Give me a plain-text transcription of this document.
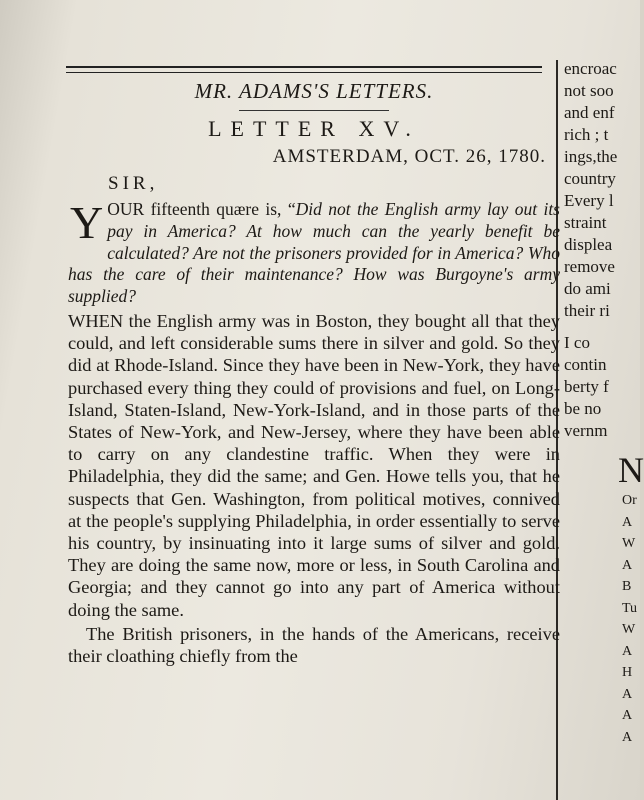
MR. ADAMS'S LETTERS.
LETTER XV.
AMSTERDAM, OCT. 26, 1780.
SIR,

YOUR fifteenth quære is, “Did not the English army lay out its pay in America? At how much can the yearly benefit be calculated? Are not the prisoners provided for in America? Who has the care of their maintenance? How was Burgoyne's army supplied?

WHEN the English army was in Boston, they bought all that they could, and left considerable sums there in silver and gold. So they did at Rhode-Island. Since they have been in New-York, they have purchased every thing they could of provisions and fuel, on Long-Island, Staten-Island, New-York-Island, and in those parts of the States of New-York, and New-Jersey, where they have been able to carry on any clandestine traffic. When they were in Philadelphia, they did the same; and Gen. Howe tells you, that he suspects that Gen. Washington, from political motives, connived at the people's supplying Philadelphia, in order essentially to serve his country, by insinuating into it large sums of silver and gold. They are doing the same now, more or less, in South Carolina and Georgia; and they cannot go into any part of America without doing the same.

The British prisoners, in the hands of the Americans, receive their cloathing chiefly from the

encroac
not soo
and enf
rich ; t
ings,the
country
Every l
straint
displea
remove
do ami
their ri
I co
contin
berty f
be no
vernm
N
Or
A
W
A
B
Tu
W
A
H
A
A
A
